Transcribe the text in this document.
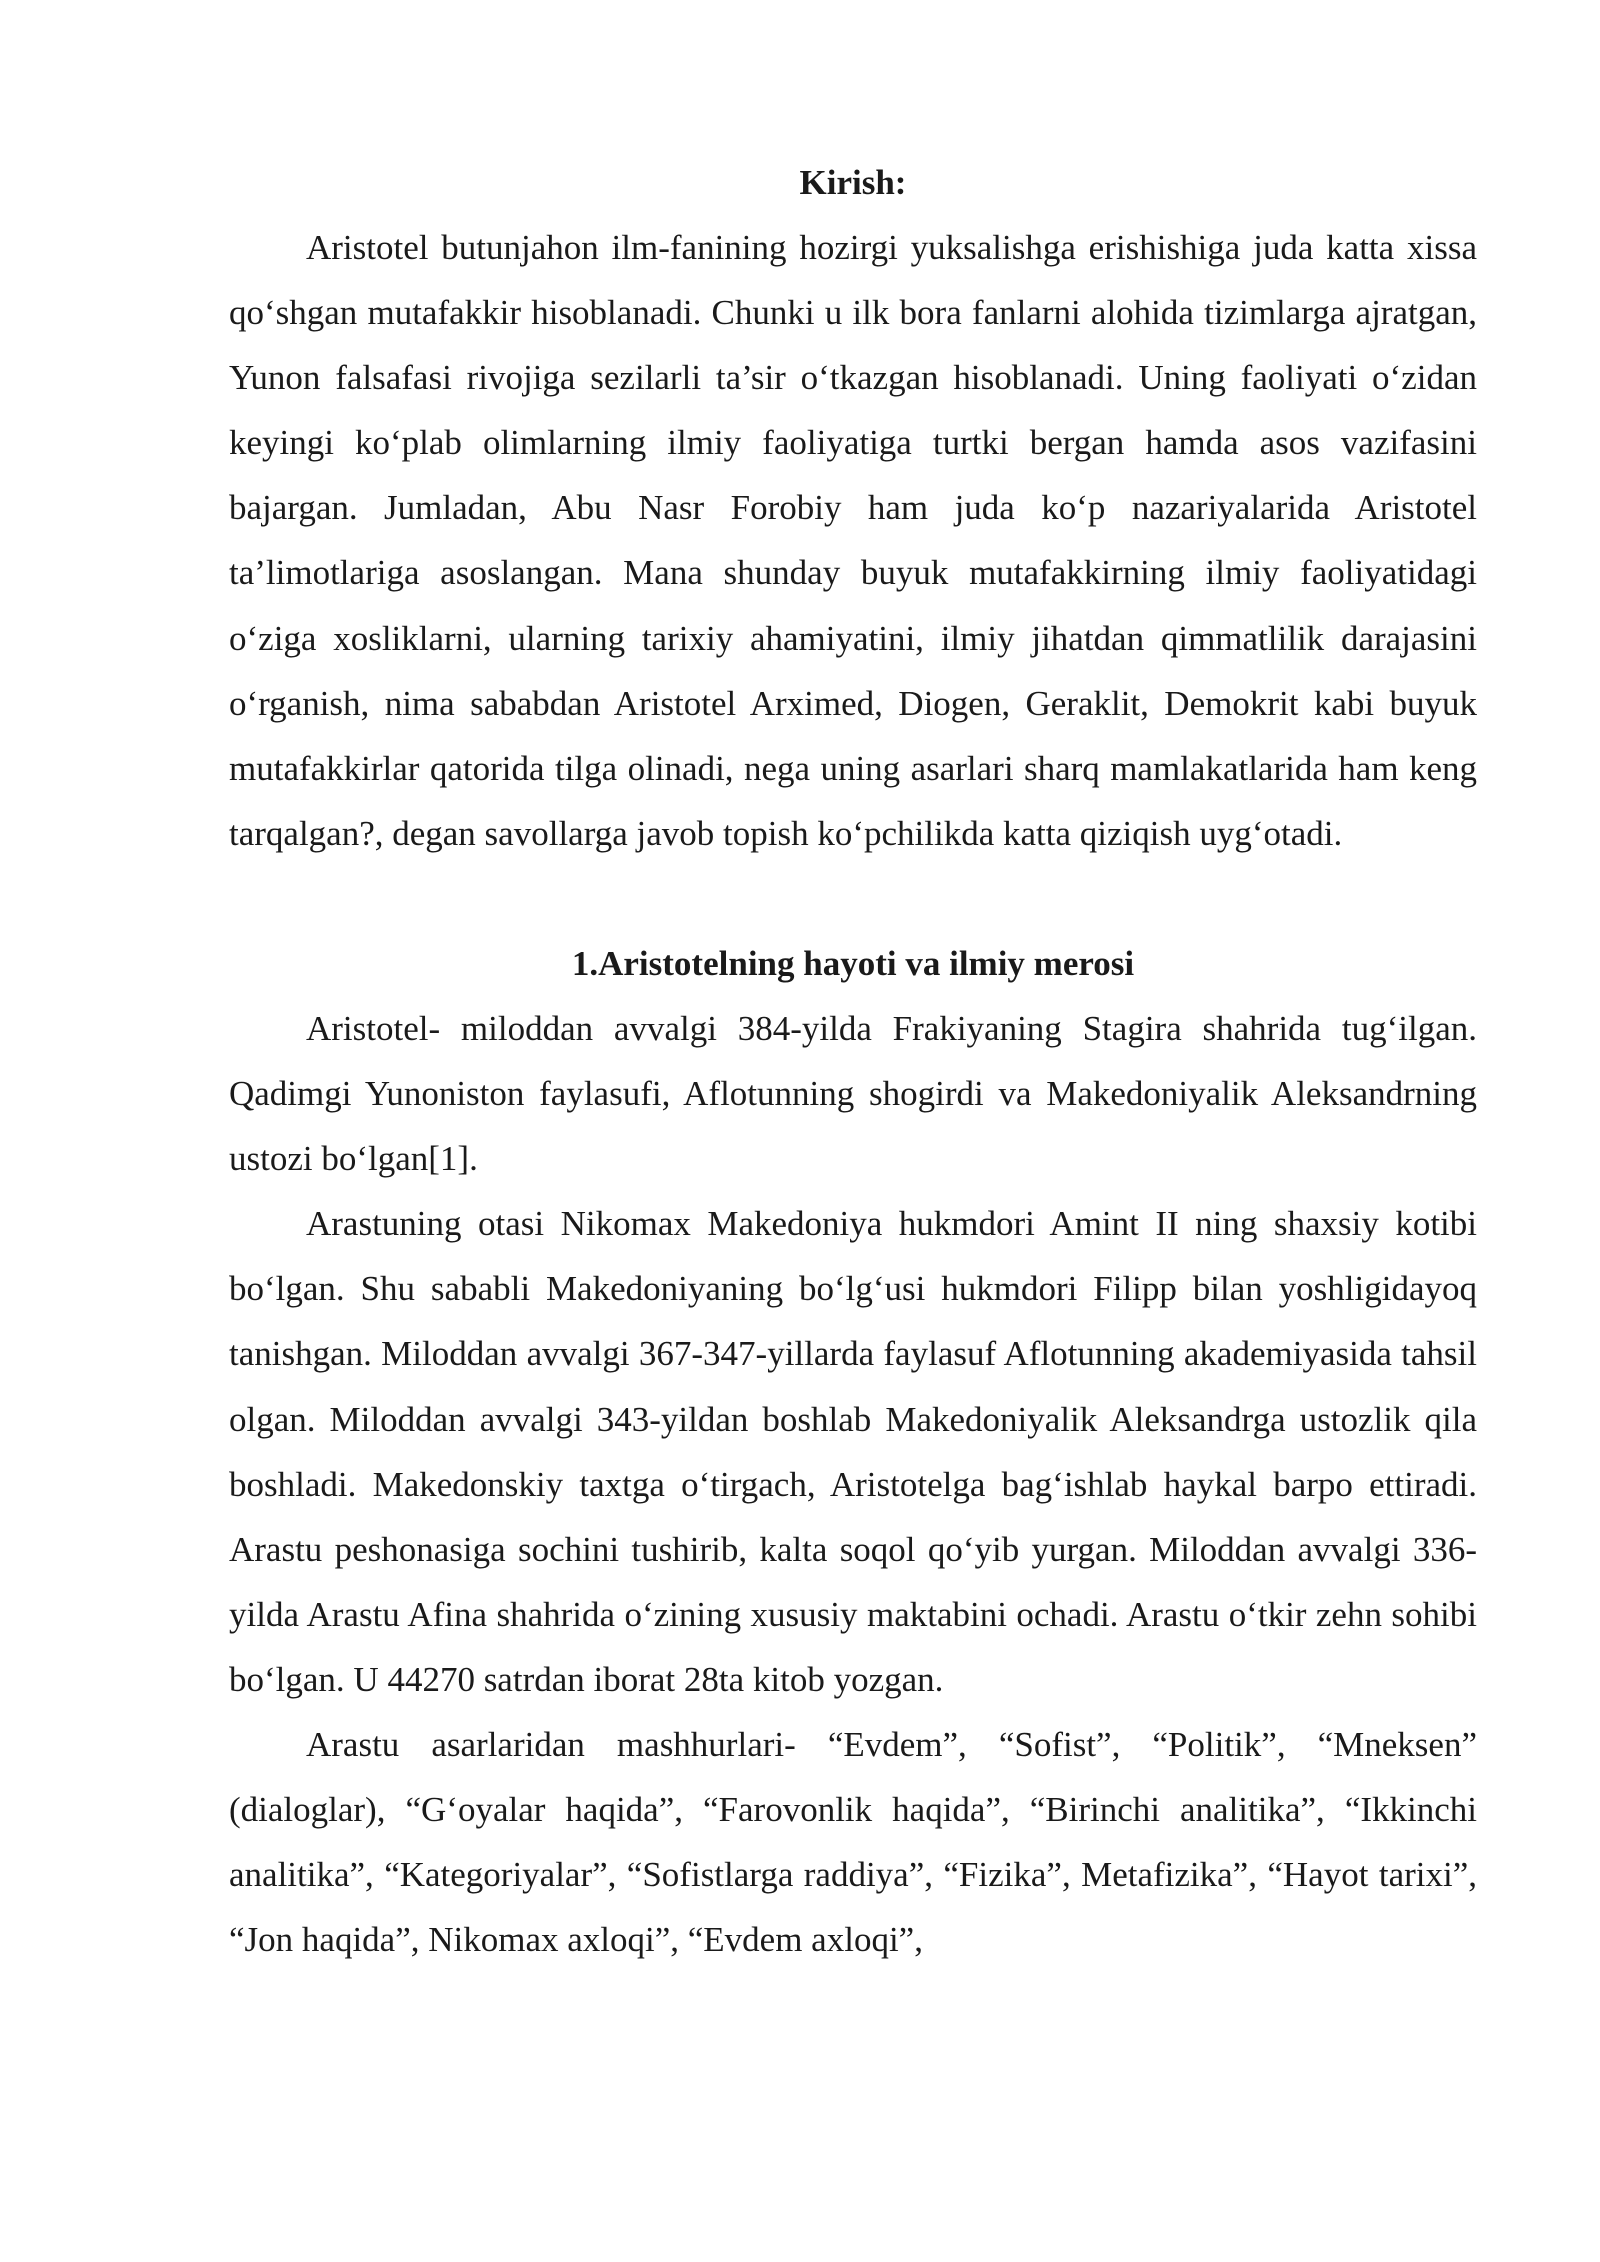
Kirish:

Aristotel butunjahon ilm-fanining hozirgi yuksalishga erishishiga juda katta xissa qo‘shgan mutafakkir hisoblanadi. Chunki u ilk bora fanlarni alohida tizimlarga ajratgan, Yunon falsafasi rivojiga sezilarli ta’sir o‘tkazgan hisoblanadi. Uning faoliyati o‘zidan keyingi ko‘plab olimlarning ilmiy faoliyatiga turtki bergan hamda asos vazifasini bajargan. Jumladan, Abu Nasr Forobiy ham juda ko‘p nazariyalarida Aristotel ta’limotlariga asoslangan. Mana shunday buyuk mutafakkirning ilmiy faoliyatidagi o‘ziga xosliklarni, ularning tarixiy ahamiyatini, ilmiy jihatdan qimmatlilik darajasini o‘rganish, nima sababdan Aristotel Arximed, Diogen, Geraklit, Demokrit kabi buyuk mutafakkirlar qatorida tilga olinadi, nega uning asarlari sharq mamlakatlarida ham keng tarqalgan?, degan savollarga javob topish ko‘pchilikda katta qiziqish uyg‘otadi.

1.Aristotelning hayoti va ilmiy merosi

Aristotel- miloddan avvalgi 384-yilda Frakiyaning Stagira shahrida tug‘ilgan. Qadimgi Yunoniston faylasufi, Aflotunning shogirdi va Makedoniyalik Aleksandrning ustozi bo‘lgan[1].

Arastuning otasi Nikomax Makedoniya hukmdori Amint II ning shaxsiy kotibi bo‘lgan. Shu sababli Makedoniyaning bo‘lg‘usi hukmdori Filipp bilan yoshligidayoq tanishgan. Miloddan avvalgi 367-347-yillarda faylasuf Aflotunning akademiyasida tahsil olgan. Miloddan avvalgi 343-yildan boshlab Makedoniyalik Aleksandrga ustozlik qila boshladi. Makedonskiy taxtga o‘tirgach, Aristotelga bag‘ishlab haykal barpo ettiradi. Arastu peshonasiga sochini tushirib, kalta soqol qo‘yib yurgan. Miloddan avvalgi 336-yilda Arastu Afina shahrida o‘zining xususiy maktabini ochadi. Arastu o‘tkir zehn sohibi bo‘lgan. U 44270 satrdan iborat 28ta kitob yozgan.

Arastu asarlaridan mashhurlari- “Evdem”, “Sofist”, “Politik”, “Mneksen” (dialoglar), “G‘oyalar haqida”, “Farovonlik haqida”, “Birinchi analitika”, “Ikkinchi analitika”, “Kategoriyalar”, “Sofistlarga raddiya”, “Fizika”, Metafizika”, “Hayot tarixi”, “Jon haqida”, Nikomax axloqi”, “Evdem axloqi”,
